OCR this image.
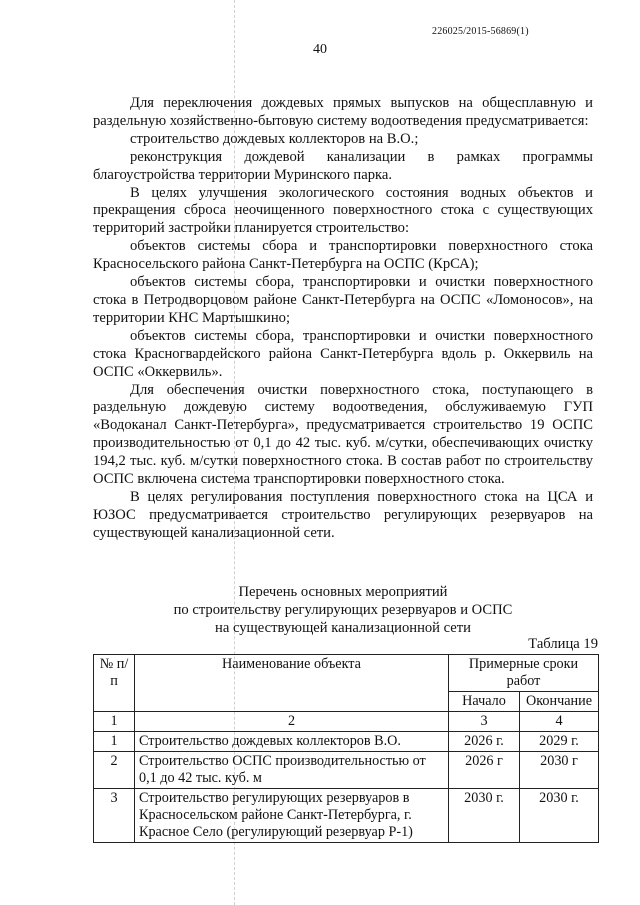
226025/2015-56869(1)
40

Для переключения дождевых прямых выпусков на общесплавную и раздельную хозяйственно-бытовую систему водоотведения предусматривается:

строительство дождевых коллекторов на В.О.;

реконструкция дождевой канализации в рамках программы благоустройства территории Муринского парка.

В целях улучшения экологического состояния водных объектов и прекращения сброса неочищенного поверхностного стока с существующих территорий застройки планируется строительство:

объектов системы сбора и транспортировки поверхностного стока Красносельского района Санкт-Петербурга на ОСПС (КрСА);

объектов системы сбора, транспортировки и очистки поверхностного стока в Петродворцовом районе Санкт-Петербурга на ОСПС «Ломоносов», на территории КНС Мартышкино;

объектов системы сбора, транспортировки и очистки поверхностного стока Красногвардейского района Санкт-Петербурга вдоль р. Оккервиль на ОСПС «Оккервиль».

Для обеспечения очистки поверхностного стока, поступающего в раздельную дождевую систему водоотведения, обслуживаемую ГУП «Водоканал Санкт-Петербурга», предусматривается строительство 19 ОСПС производительностью от 0,1 до 42 тыс. куб. м/сутки, обеспечивающих очистку 194,2 тыс. куб. м/сутки поверхностного стока. В состав работ по строительству ОСПС включена система транспортировки поверхностного стока.

В целях регулирования поступления поверхностного стока на ЦСА и ЮЗОС предусматривается строительство регулирующих резервуаров на существующей канализационной сети.

Перечень основных мероприятий
по строительству регулирующих резервуаров и ОСПС
на существующей канализационной сети
Таблица 19
№ п/п	Наименование объекта	Примерные сроки работ	
		Начало	Окончание
1	2	3	4
1	Строительство дождевых коллекторов В.О.	2026 г.	2029 г.
2	Строительство ОСПС производительностью от 0,1 до 42 тыс. куб. м	2026 г	2030 г
3	Строительство регулирующих резервуаров в Красносельском районе Санкт-Петербурга, г. Красное Село (регулирующий резервуар Р-1)	2030 г.	2030 г.
